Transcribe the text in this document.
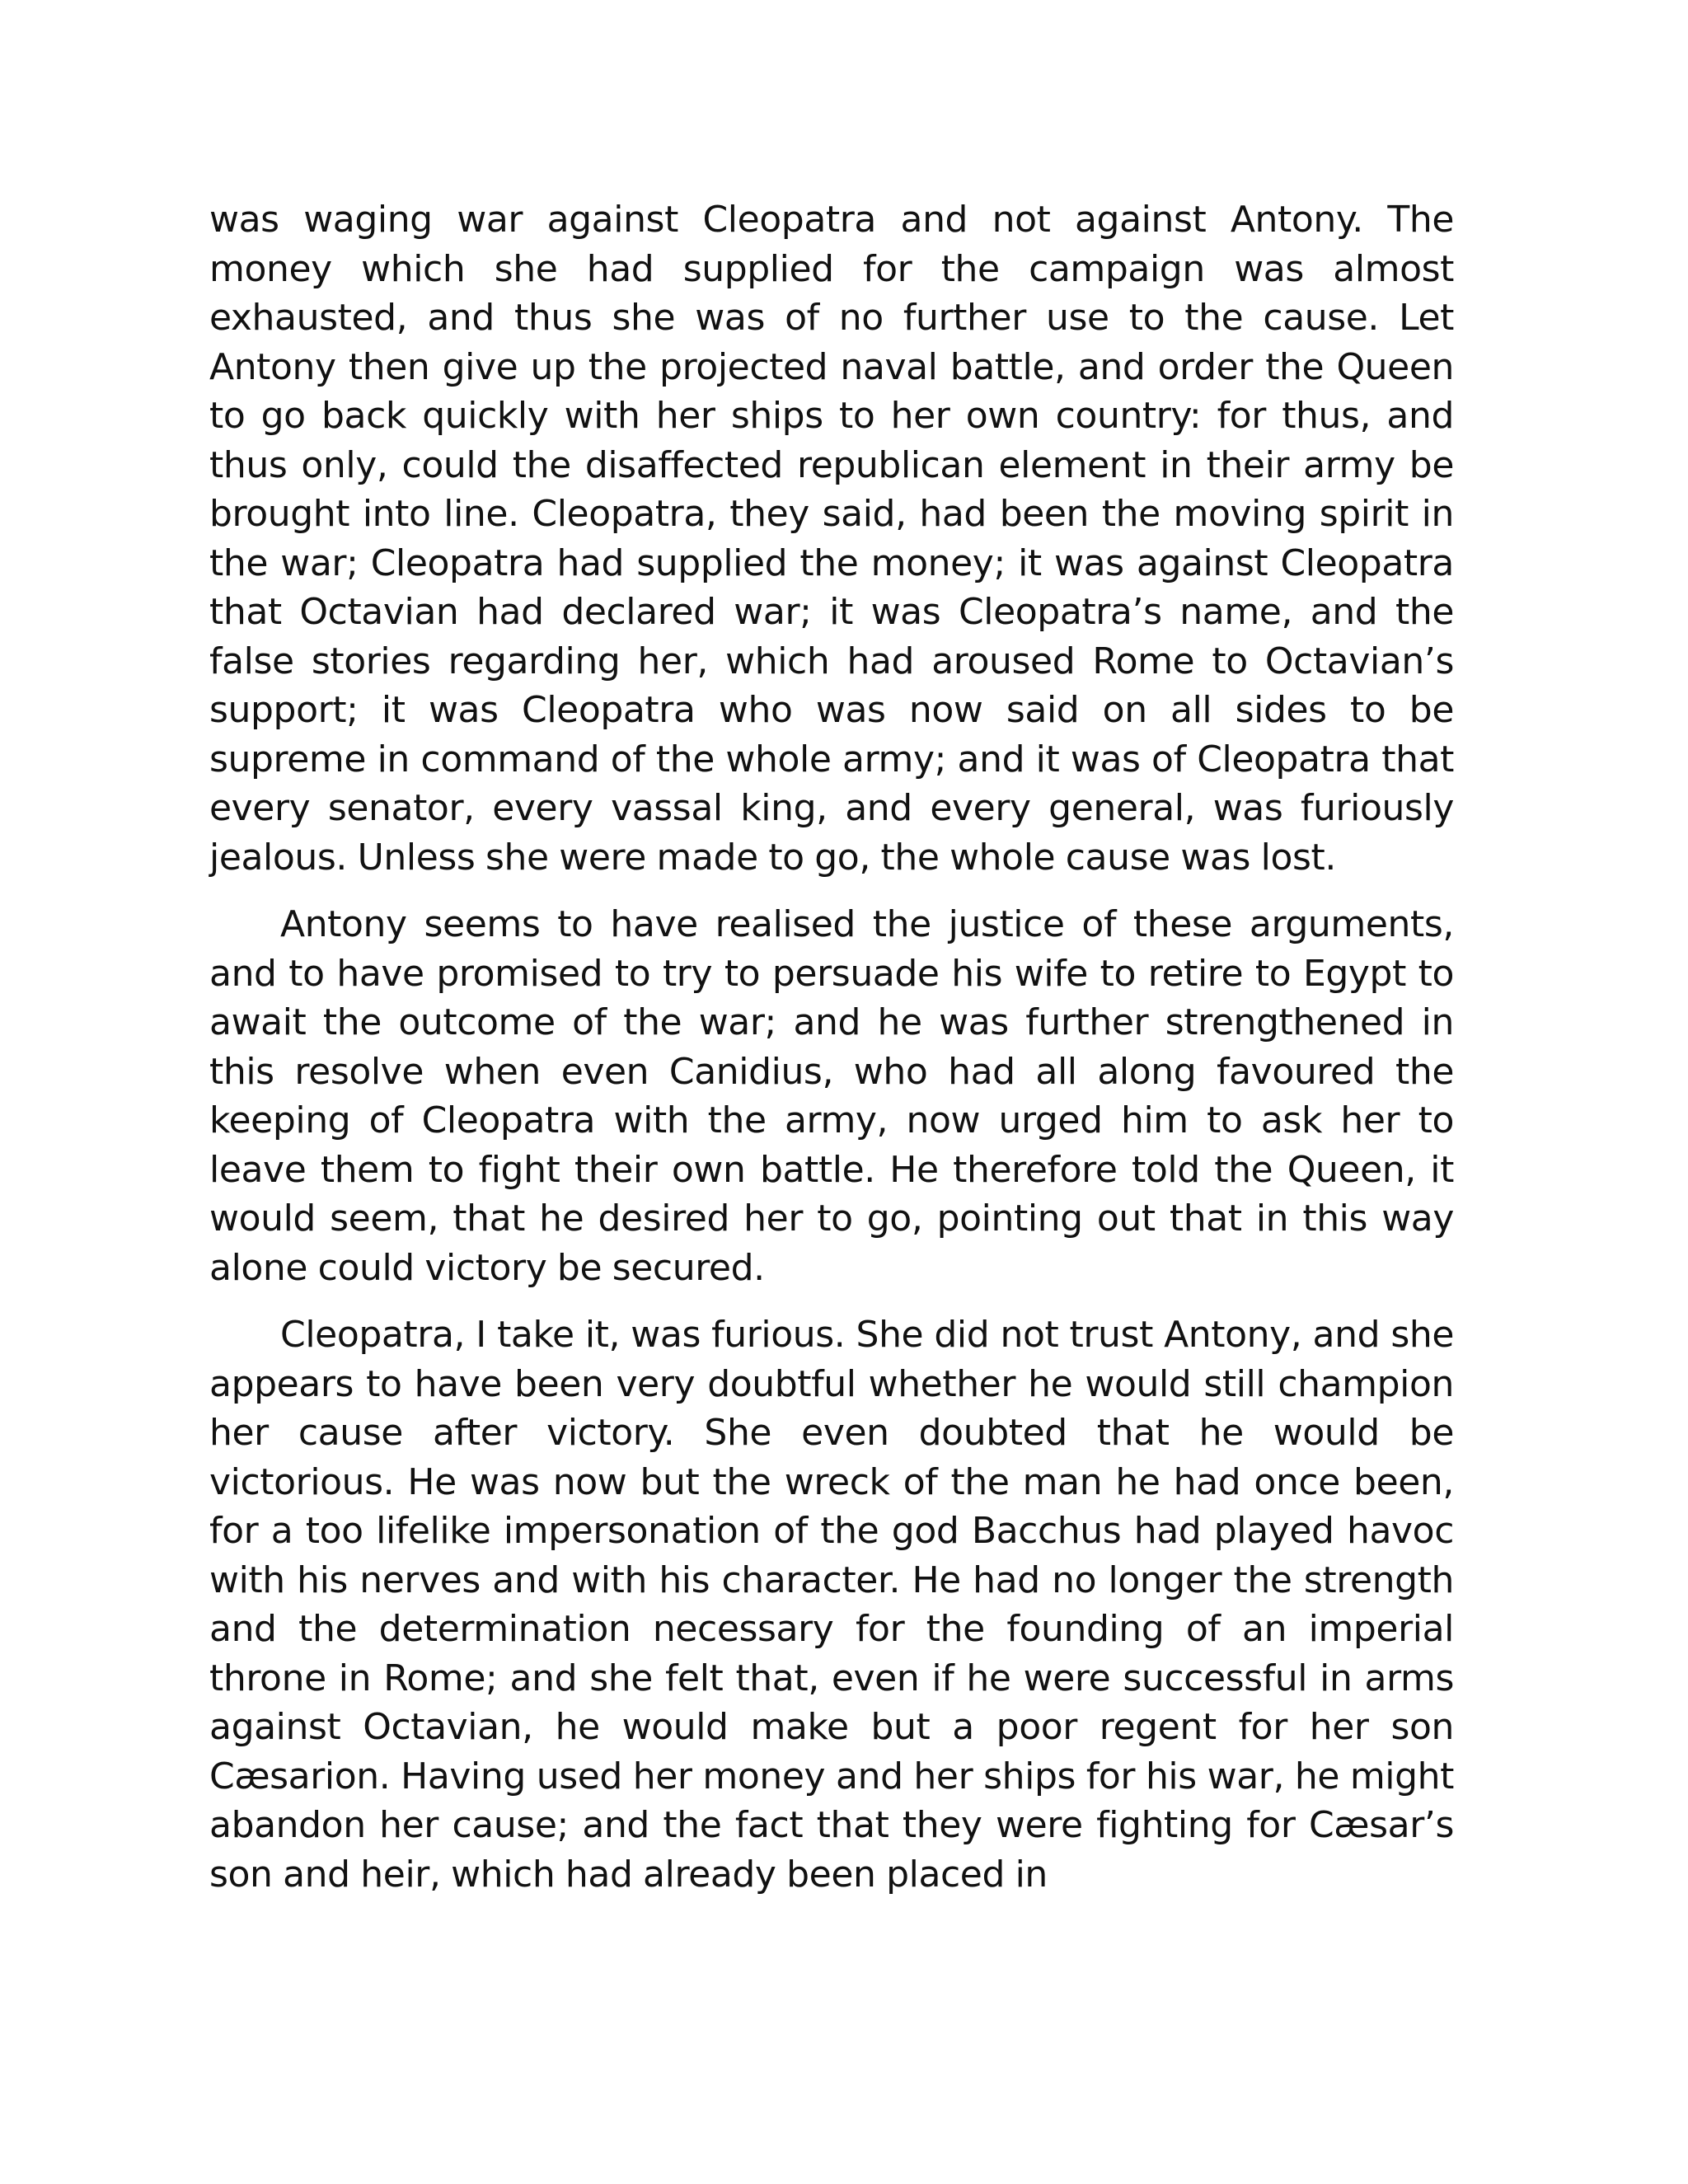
was waging war against Cleopatra and not against Antony. The money which she had supplied for the campaign was almost exhausted, and thus she was of no further use to the cause. Let Antony then give up the projected naval battle, and order the Queen to go back quickly with her ships to her own country: for thus, and thus only, could the disaffected republican element in their army be brought into line. Cleopatra, they said, had been the moving spirit in the war; Cleopatra had supplied the money; it was against Cleopatra that Octavian had declared war; it was Cleopatra’s name, and the false stories regarding her, which had aroused Rome to Octavian’s support; it was Cleopatra who was now said on all sides to be supreme in command of the whole army; and it was of Cleopatra that every senator, every vassal king, and every general, was furiously jealous. Unless she were made to go, the whole cause was lost.

Antony seems to have realised the justice of these arguments, and to have promised to try to persuade his wife to retire to Egypt to await the outcome of the war; and he was further strengthened in this resolve when even Canidius, who had all along favoured the keeping of Cleopatra with the army, now urged him to ask her to leave them to fight their own battle. He therefore told the Queen, it would seem, that he desired her to go, pointing out that in this way alone could victory be secured.

Cleopatra, I take it, was furious. She did not trust Antony, and she appears to have been very doubtful whether he would still champion her cause after victory. She even doubted that he would be victorious. He was now but the wreck of the man he had once been, for a too lifelike impersonation of the god Bacchus had played havoc with his nerves and with his character. He had no longer the strength and the determination necessary for the founding of an imperial throne in Rome; and she felt that, even if he were successful in arms against Octavian, he would make but a poor regent for her son Cæsarion. Having used her money and her ships for his war, he might abandon her cause; and the fact that they were fighting for Cæsar’s son and heir, which had already been placed in
